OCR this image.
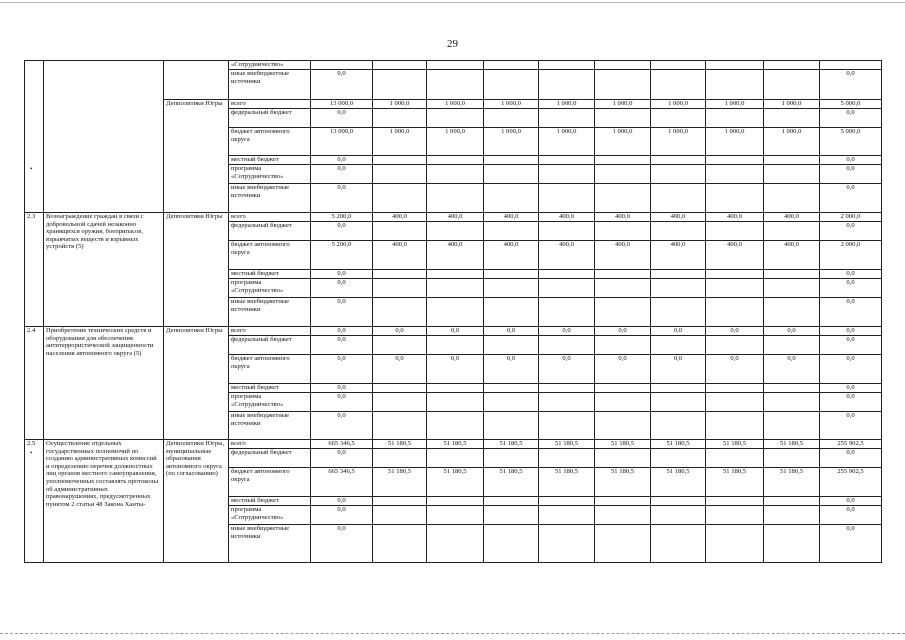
29
			«Сотрудничество»										
			иные внебюджетные источники	0,0									0,0
		Депполитики Югры	всего	13 000,0	1 000,0	1 000,0	1 000,0	1 000,0	1 000,0	1 000,0	1 000,0	1 000,0	5 000,0
			федеральный бюджет	0,0									0,0
			бюджет автономного округа	13 000,0	1 000,0	1 000,0	1 000,0	1 000,0	1 000,0	1 000,0	1 000,0	1 000,0	5 000,0
			местный бюджет	0,0									0,0
			программа «Сотрудничество»	0,0									0,0
			иные внебюджетные источники	0,0									0,0
2.3	Вознаграждение граждан в связи с добровольной сдачей незаконно хранящихся оружия, боеприпасов, взрывчатых веществ и взрывных устройств (5)	Депполитики Югры	всего	5 200,0	400,0	400,0	400,0	400,0	400,0	400,0	400,0	400,0	2 000,0
			федеральный бюджет	0,0									0,0
			бюджет автономного округа	5 200,0	400,0	400,0	400,0	400,0	400,0	400,0	400,0	400,0	2 000,0
			местный бюджет	0,0									0,0
			программа «Сотрудничество»	0,0									0,0
			иные внебюджетные источники	0,0									0,0
2.4	Приобретение технических средств и оборудования для обеспечения антитеррористической защищенности населения автономного округа (5)	Депполитики Югры	всего	0,0	0,0	0,0	0,0	0,0	0,0	0,0	0,0	0,0	0,0
			федеральный бюджет	0,0									0,0
			бюджет автономного округа	0,0	0,0	0,0	0,0	0,0	0,0	0,0	0,0	0,0	0,0
			местный бюджет	0,0									0,0
			программа «Сотрудничество»	0,0									0,0
			иные внебюджетные источники	0,0									0,0
2.5	Осуществление отдельных государственных полномочий по созданию административных комиссий и определению перечня должностных лиц органов местного самоуправления, уполномоченных составлять протоколы об административных правонарушениях, предусмотренных пунктом 2 статьи 48 Закона Ханты-	Депполитики Югры, муниципальные образования автономного округа (по согласованию)	всего	665 346,5	51 180,5	51 180,5	51 180,5	51 180,5	51 180,5	51 180,5	51 180,5	51 180,5	255 902,5
			федеральный бюджет	0,0									0,0
			бюджет автономного округа	665 346,5	51 180,5	51 180,5	51 180,5	51 180,5	51 180,5	51 180,5	51 180,5	51 180,5	255 902,5
			местный бюджет	0,0									0,0
			программа «Сотрудничество»	0,0									0,0
			иные внебюджетные источники	0,0									0,0
•
•
